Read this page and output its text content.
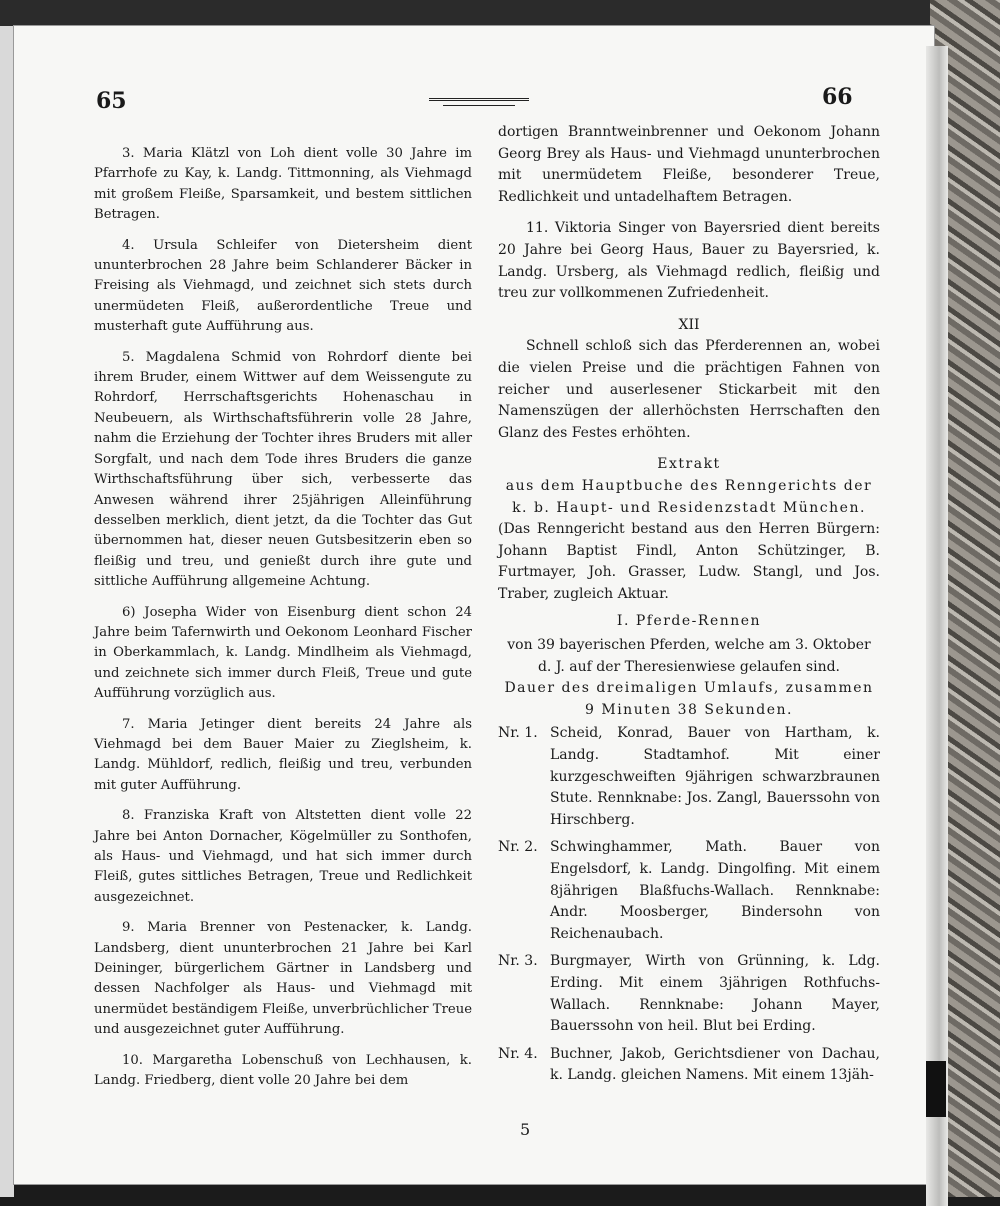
65	66

3. Maria Klätzl von Loh dient volle 30 Jahre im Pfarrhofe zu Kay, k. Landg. Tittmonning, als Viehmagd mit großem Fleiße, Sparsamkeit, und bestem sittlichen Betragen.

4. Ursula Schleifer von Dietersheim dient ununterbrochen 28 Jahre beim Schlanderer Bäcker in Freising als Viehmagd, und zeichnet sich stets durch unermüdeten Fleiß, außerordentliche Treue und musterhaft gute Aufführung aus.

5. Magdalena Schmid von Rohrdorf diente bei ihrem Bruder, einem Wittwer auf dem Weissengute zu Rohrdorf, Herrschaftsgerichts Hohenaschau in Neubeuern, als Wirthschaftsführerin volle 28 Jahre, nahm die Erziehung der Tochter ihres Bruders mit aller Sorgfalt, und nach dem Tode ihres Bruders die ganze Wirthschaftsführung über sich, verbesserte das Anwesen während ihrer 25jährigen Alleinführung desselben merklich, dient jetzt, da die Tochter das Gut übernommen hat, dieser neuen Gutsbesitzerin eben so fleißig und treu, und genießt durch ihre gute und sittliche Aufführung allgemeine Achtung.

6) Josepha Wider von Eisenburg dient schon 24 Jahre beim Tafernwirth und Oekonom Leonhard Fischer in Oberkammlach, k. Landg. Mindlheim als Viehmagd, und zeichnete sich immer durch Fleiß, Treue und gute Aufführung vorzüglich aus.

7. Maria Jetinger dient bereits 24 Jahre als Viehmagd bei dem Bauer Maier zu Zieglsheim, k. Landg. Mühldorf, redlich, fleißig und treu, verbunden mit guter Aufführung.

8. Franziska Kraft von Altstetten dient volle 22 Jahre bei Anton Dornacher, Kögelmüller zu Sonthofen, als Haus- und Viehmagd, und hat sich immer durch Fleiß, gutes sittliches Betragen, Treue und Redlichkeit ausgezeichnet.

9. Maria Brenner von Pestenacker, k. Landg. Landsberg, dient ununterbrochen 21 Jahre bei Karl Deininger, bürgerlichem Gärtner in Landsberg und dessen Nachfolger als Haus- und Viehmagd mit unermüdet beständigem Fleiße, unverbrüchlicher Treue und ausgezeichnet guter Aufführung.

10. Margaretha Lobenschuß von Lechhausen, k. Landg. Friedberg, dient volle 20 Jahre bei dem

dortigen Branntweinbrenner und Oekonom Johann Georg Brey als Haus- und Viehmagd ununterbrochen mit unermüdetem Fleiße, besonderer Treue, Redlichkeit und untadelhaftem Betragen.

11. Viktoria Singer von Bayersried dient bereits 20 Jahre bei Georg Haus, Bauer zu Bayersried, k. Landg. Ursberg, als Viehmagd redlich, fleißig und treu zur vollkommenen Zufriedenheit.

XII

Schnell schloß sich das Pferderennen an, wobei die vielen Preise und die prächtigen Fahnen von reicher und auserlesener Stickarbeit mit den Namenszügen der allerhöchsten Herrschaften den Glanz des Festes erhöhten.

Extrakt

aus dem Hauptbuche des Renngerichts der

k. b. Haupt- und Residenzstadt München.

(Das Renngericht bestand aus den Herren Bürgern: Johann Baptist Findl, Anton Schützinger, B. Furtmayer, Joh. Grasser, Ludw. Stangl, und Jos. Traber, zugleich Aktuar.

I. Pferde-Rennen

von 39 bayerischen Pferden, welche am 3. Oktober

d. J. auf der Theresienwiese gelaufen sind.

Dauer des dreimaligen Umlaufs, zusammen

9 Minuten 38 Sekunden.

Nr. 1. Scheid, Konrad, Bauer von Hartham, k. Landg. Stadtamhof. Mit einer kurzgeschweiften 9jährigen schwarzbraunen Stute. Rennknabe: Jos. Zangl, Bauerssohn von Hirschberg.
Nr. 2. Schwinghammer, Math. Bauer von Engelsdorf, k. Landg. Dingolfing. Mit einem 8jährigen Blaßfuchs-Wallach. Rennknabe: Andr. Moosberger, Bindersohn von Reichenaubach.
Nr. 3. Burgmayer, Wirth von Grünning, k. Ldg. Erding. Mit einem 3jährigen Rothfuchs-Wallach. Rennknabe: Johann Mayer, Bauerssohn von heil. Blut bei Erding.
Nr. 4. Buchner, Jakob, Gerichtsdiener von Dachau, k. Landg. gleichen Namens. Mit einem 13jäh-
5
